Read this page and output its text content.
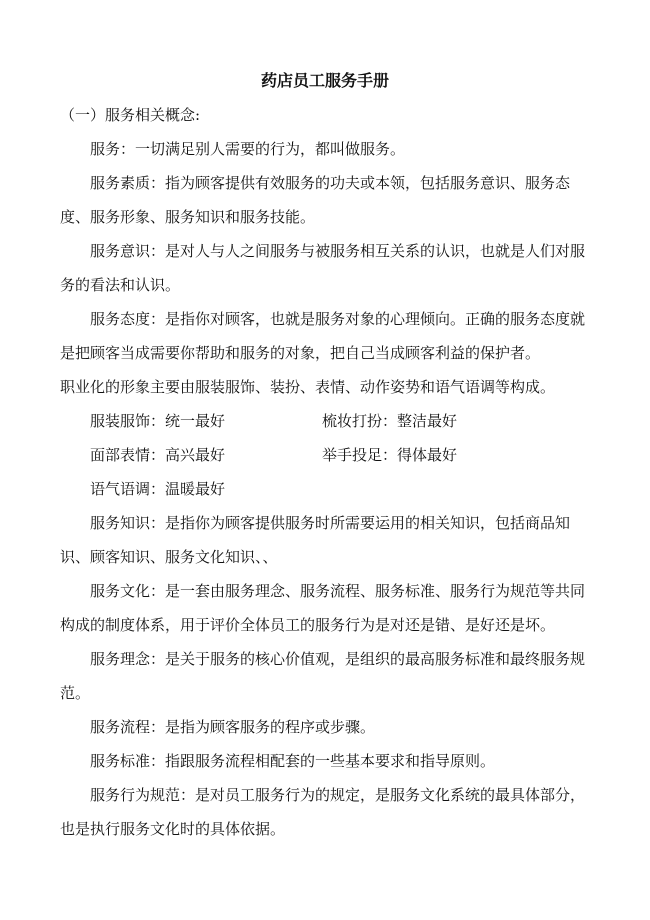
药店员工服务手册

（一）服务相关概念:

服务：一切满足别人需要的行为，都叫做服务。

服务素质：指为顾客提供有效服务的功夫或本领，包括服务意识、服务态度、服务形象、服务知识和服务技能。

服务意识：是对人与人之间服务与被服务相互关系的认识，也就是人们对服务的看法和认识。

服务态度：是指你对顾客，也就是服务对象的心理倾向。正确的服务态度就是把顾客当成需要你帮助和服务的对象，把自己当成顾客利益的保护者。

职业化的形象主要由服装服饰、装扮、表情、动作姿势和语气语调等构成。

服装服饰：统一最好	梳妆打扮：整洁最好
面部表情：高兴最好	举手投足：得体最好
语气语调：温暖最好

服务知识：是指你为顾客提供服务时所需要运用的相关知识，包括商品知识、顾客知识、服务文化知识、、

服务文化：是一套由服务理念、服务流程、服务标准、服务行为规范等共同构成的制度体系，用于评价全体员工的服务行为是对还是错、是好还是坏。

服务理念：是关于服务的核心价值观，是组织的最高服务标准和最终服务规范。

服务流程：是指为顾客服务的程序或步骤。

服务标准：指跟服务流程相配套的一些基本要求和指导原则。

服务行为规范：是对员工服务行为的规定，是服务文化系统的最具体部分，也是执行服务文化时的具体依据。
